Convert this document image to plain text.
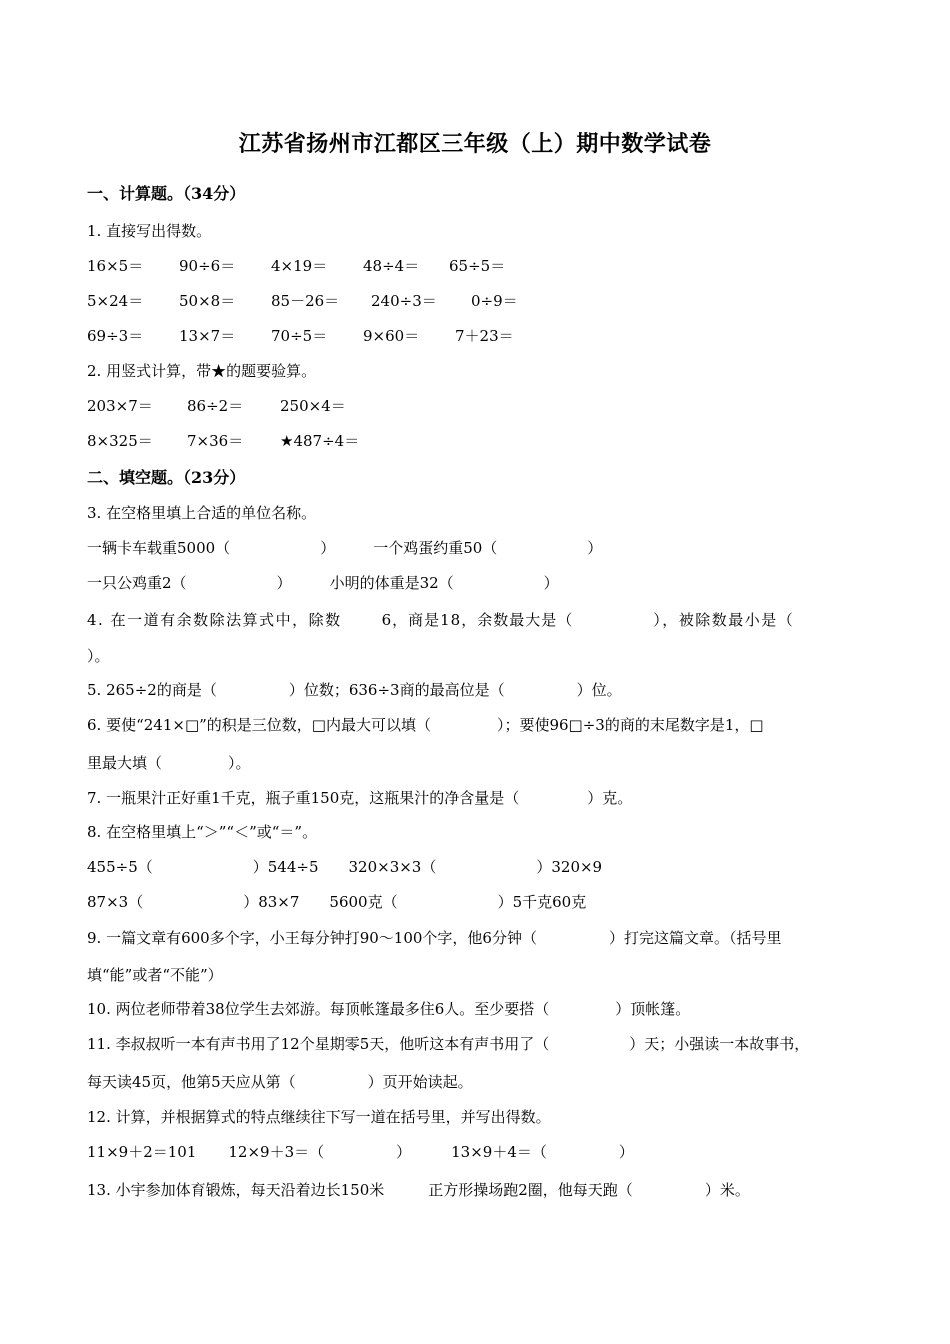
江苏省扬州市江都区三年级（上）期中数学试卷
一、计算题。（34分）
1. 直接写出得数。
16×5＝ 90÷6＝ 4×19＝ 48÷4＝ 65÷5＝
5×24＝ 50×8＝ 85－26＝ 240÷3＝ 0÷9＝
69÷3＝ 13×7＝ 70÷5＝ 9×60＝ 7＋23＝
2. 用竖式计算，带★的题要验算。
203×7＝ 86÷2＝ 250×4＝
8×325＝ 7×36＝ ★487÷4＝
二、填空题。（23分）
3. 在空格里填上合适的单位名称。
一辆卡车载重5000（	）	一个鸡蛋约重50（	）
一只公鸡重2（	）	小明的体重是32（	）
4. 在一道有余数除法算式中，除数	6，商是18，余数最大是（	），被除数最小是（
）。
5. 265÷2的商是（	）位数；636÷3商的最高位是（	）位。
6. 要使“241×□”的积是三位数，□内最大可以填（	）；要使96□÷3的商的末尾数字是1，□
里最大填（	）。
7. 一瓶果汁正好重1千克，瓶子重150克，这瓶果汁的净含量是（	）克。
8. 在空格里填上“＞”“＜”或“＝”。
455÷5（	）544÷5 320×3×3（	）320×9
87×3（	）83×7 5600克（	）5千克60克
9. 一篇文章有600多个字，小王每分钟打90～100个字，他6分钟（	）打完这篇文章。（括号里
填“能”或者“不能”）
10. 两位老师带着38位学生去郊游。每顶帐篷最多住6人。至少要搭（	）顶帐篷。
11. 李叔叔听一本有声书用了12个星期零5天，他听这本有声书用了（	）天；小强读一本故事书，
每天读45页，他第5天应从第（	）页开始读起。
12. 计算，并根据算式的特点继续往下写一道在括号里，并写出得数。
11×9＋2＝101 12×9＋3＝（	）	13×9＋4＝（	）
13. 小宇参加体育锻炼，每天沿着边长150米	正方形操场跑2圈，他每天跑（	）米。
